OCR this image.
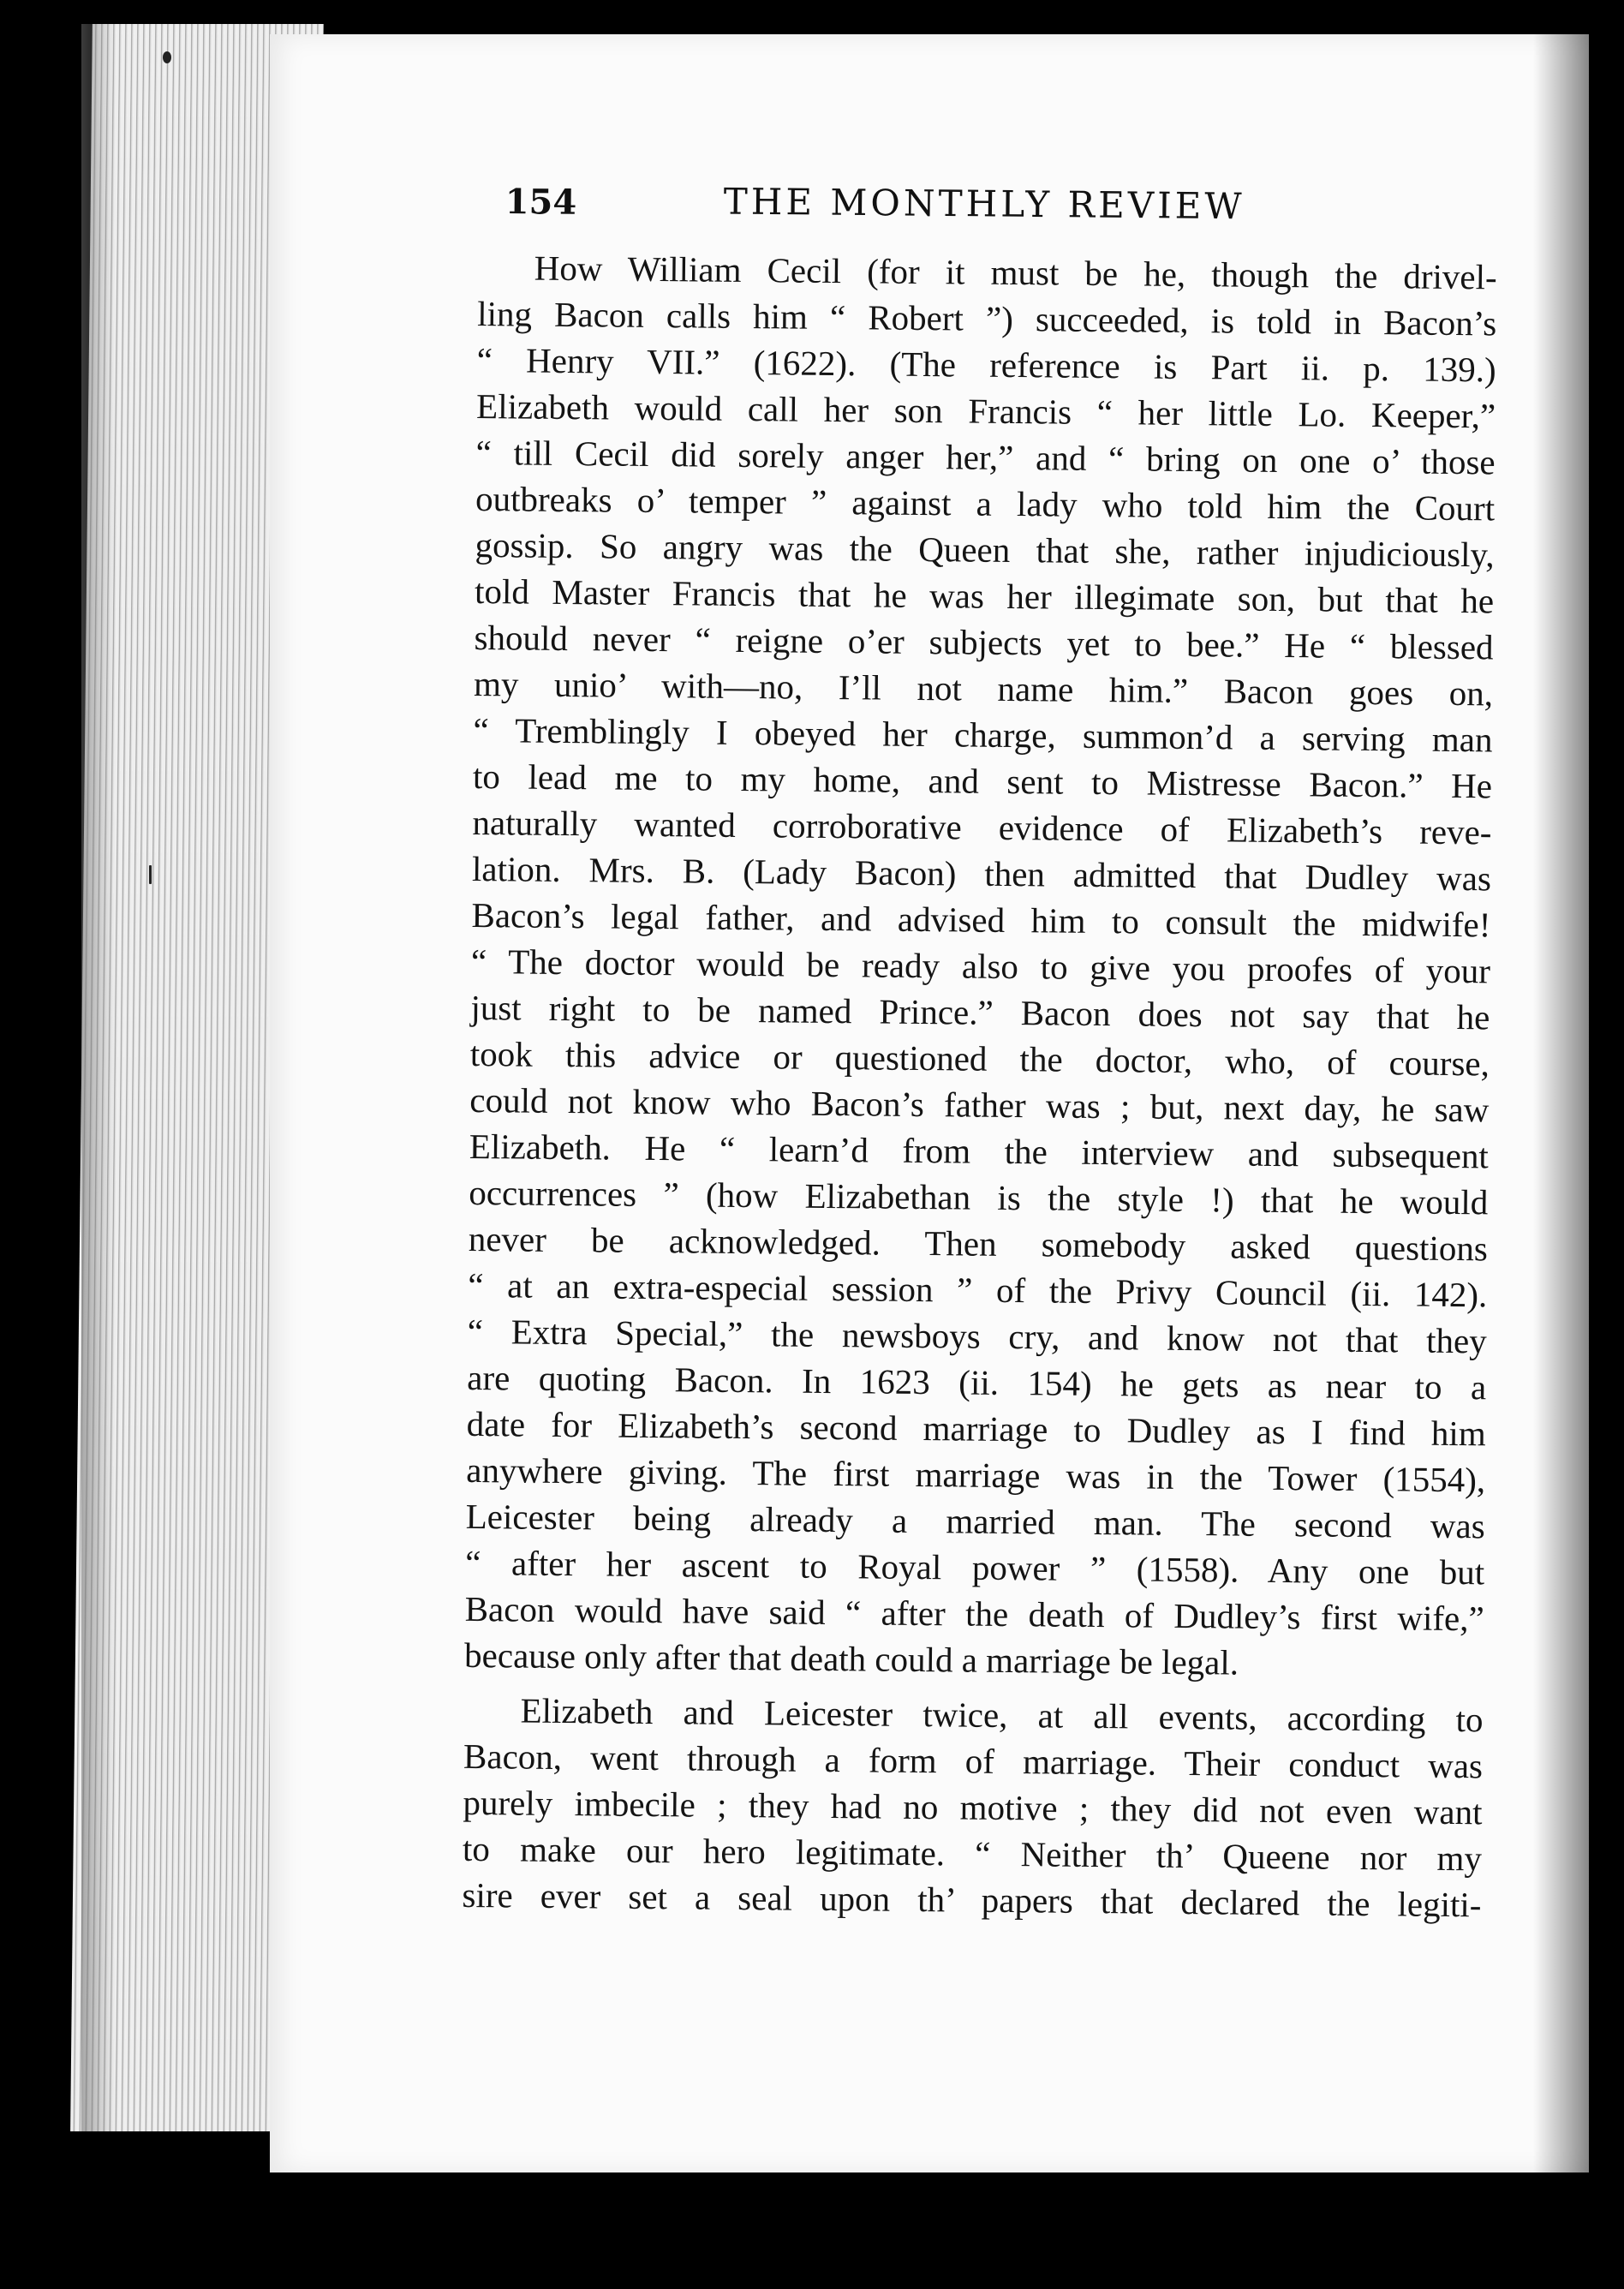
154	THE MONTHLY REVIEW
How William Cecil (for it must be he, though the drivel-
ling Bacon calls him “ Robert ”) succeeded, is told in Bacon’s
“ Henry VII.” (1622). (The reference is Part ii. p. 139.)
Elizabeth would call her son Francis “ her little Lo. Keeper,”
“ till Cecil did sorely anger her,” and “ bring on one o’ those
outbreaks o’ temper ” against a lady who told him the Court
gossip. So angry was the Queen that she, rather injudiciously,
told Master Francis that he was her illegimate son, but that he
should never “ reigne o’er subjects yet to bee.” He “ blessed
my unio’ with—no, I’ll not name him.” Bacon goes on,
“ Tremblingly I obeyed her charge, summon’d a serving man
to lead me to my home, and sent to Mistresse Bacon.” He
naturally wanted corroborative evidence of Elizabeth’s reve-
lation. Mrs. B. (Lady Bacon) then admitted that Dudley was
Bacon’s legal father, and advised him to consult the midwife!
“ The doctor would be ready also to give you proofes of your
just right to be named Prince.” Bacon does not say that he
took this advice or questioned the doctor, who, of course,
could not know who Bacon’s father was ; but, next day, he saw
Elizabeth. He “ learn’d from the interview and subsequent
occurrences ” (how Elizabethan is the style !) that he would
never be acknowledged. Then somebody asked questions
“ at an extra-especial session ” of the Privy Council (ii. 142).
“ Extra Special,” the newsboys cry, and know not that they
are quoting Bacon. In 1623 (ii. 154) he gets as near to a
date for Elizabeth’s second marriage to Dudley as I find him
anywhere giving. The first marriage was in the Tower (1554),
Leicester being already a married man. The second was
“ after her ascent to Royal power ” (1558). Any one but
Bacon would have said “ after the death of Dudley’s first wife,”
because only after that death could a marriage be legal.
Elizabeth and Leicester twice, at all events, according to
Bacon, went through a form of marriage. Their conduct was
purely imbecile ; they had no motive ; they did not even want
to make our hero legitimate. “ Neither th’ Queene nor my
sire ever set a seal upon th’ papers that declared the legiti-
